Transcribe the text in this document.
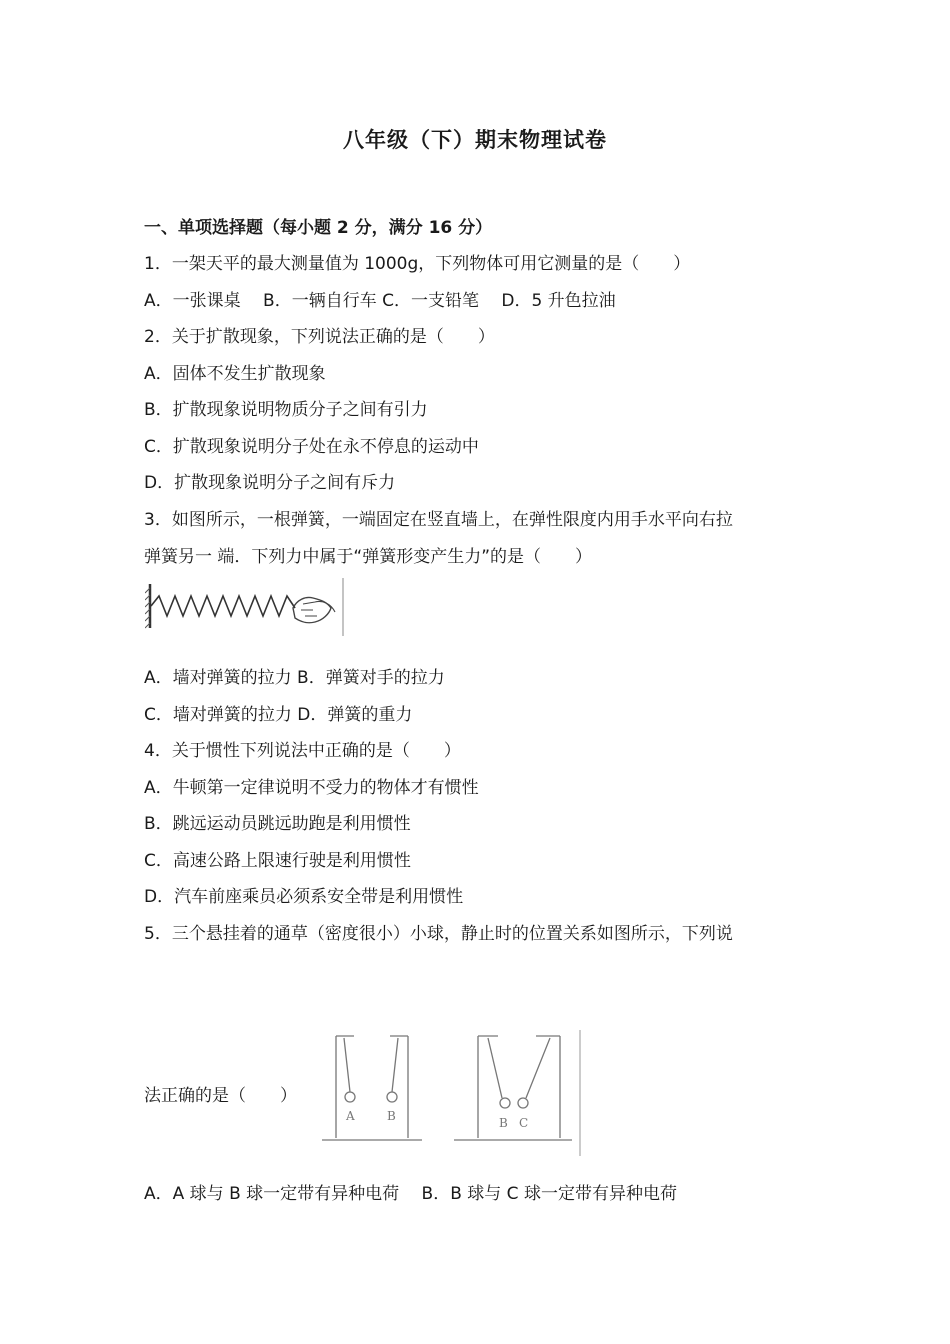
八年级（下）期末物理试卷
一、单项选择题（每小题 2 分，满分 16 分）
1．一架天平的最大测量值为 1000g，下列物体可用它测量的是（　　）
A．一张课桌　 B．一辆自行车 C．一支铅笔　 D．5 升色拉油
2．关于扩散现象，下列说法正确的是（　　）
A．固体不发生扩散现象
B．扩散现象说明物质分子之间有引力
C．扩散现象说明分子处在永不停息的运动中
D．扩散现象说明分子之间有斥力
3．如图所示，一根弹簧，一端固定在竖直墙上，在弹性限度内用手水平向右拉
弹簧另一 端．下列力中属于“弹簧形变产生力”的是（　　）
A．墙对弹簧的拉力 B．弹簧对手的拉力
C．墙对弹簧的拉力 D．弹簧的重力
4．关于惯性下列说法中正确的是（　　）
A．牛顿第一定律说明不受力的物体才有惯性
B．跳远运动员跳远助跑是利用惯性
C．高速公路上限速行驶是利用惯性
D．汽车前座乘员必须系安全带是利用惯性
5．三个悬挂着的通草（密度很小）小球，静止时的位置关系如图所示，下列说
法正确的是（　　）
A	B	B C
A．A 球与 B 球一定带有异种电荷　 B．B 球与 C 球一定带有异种电荷
